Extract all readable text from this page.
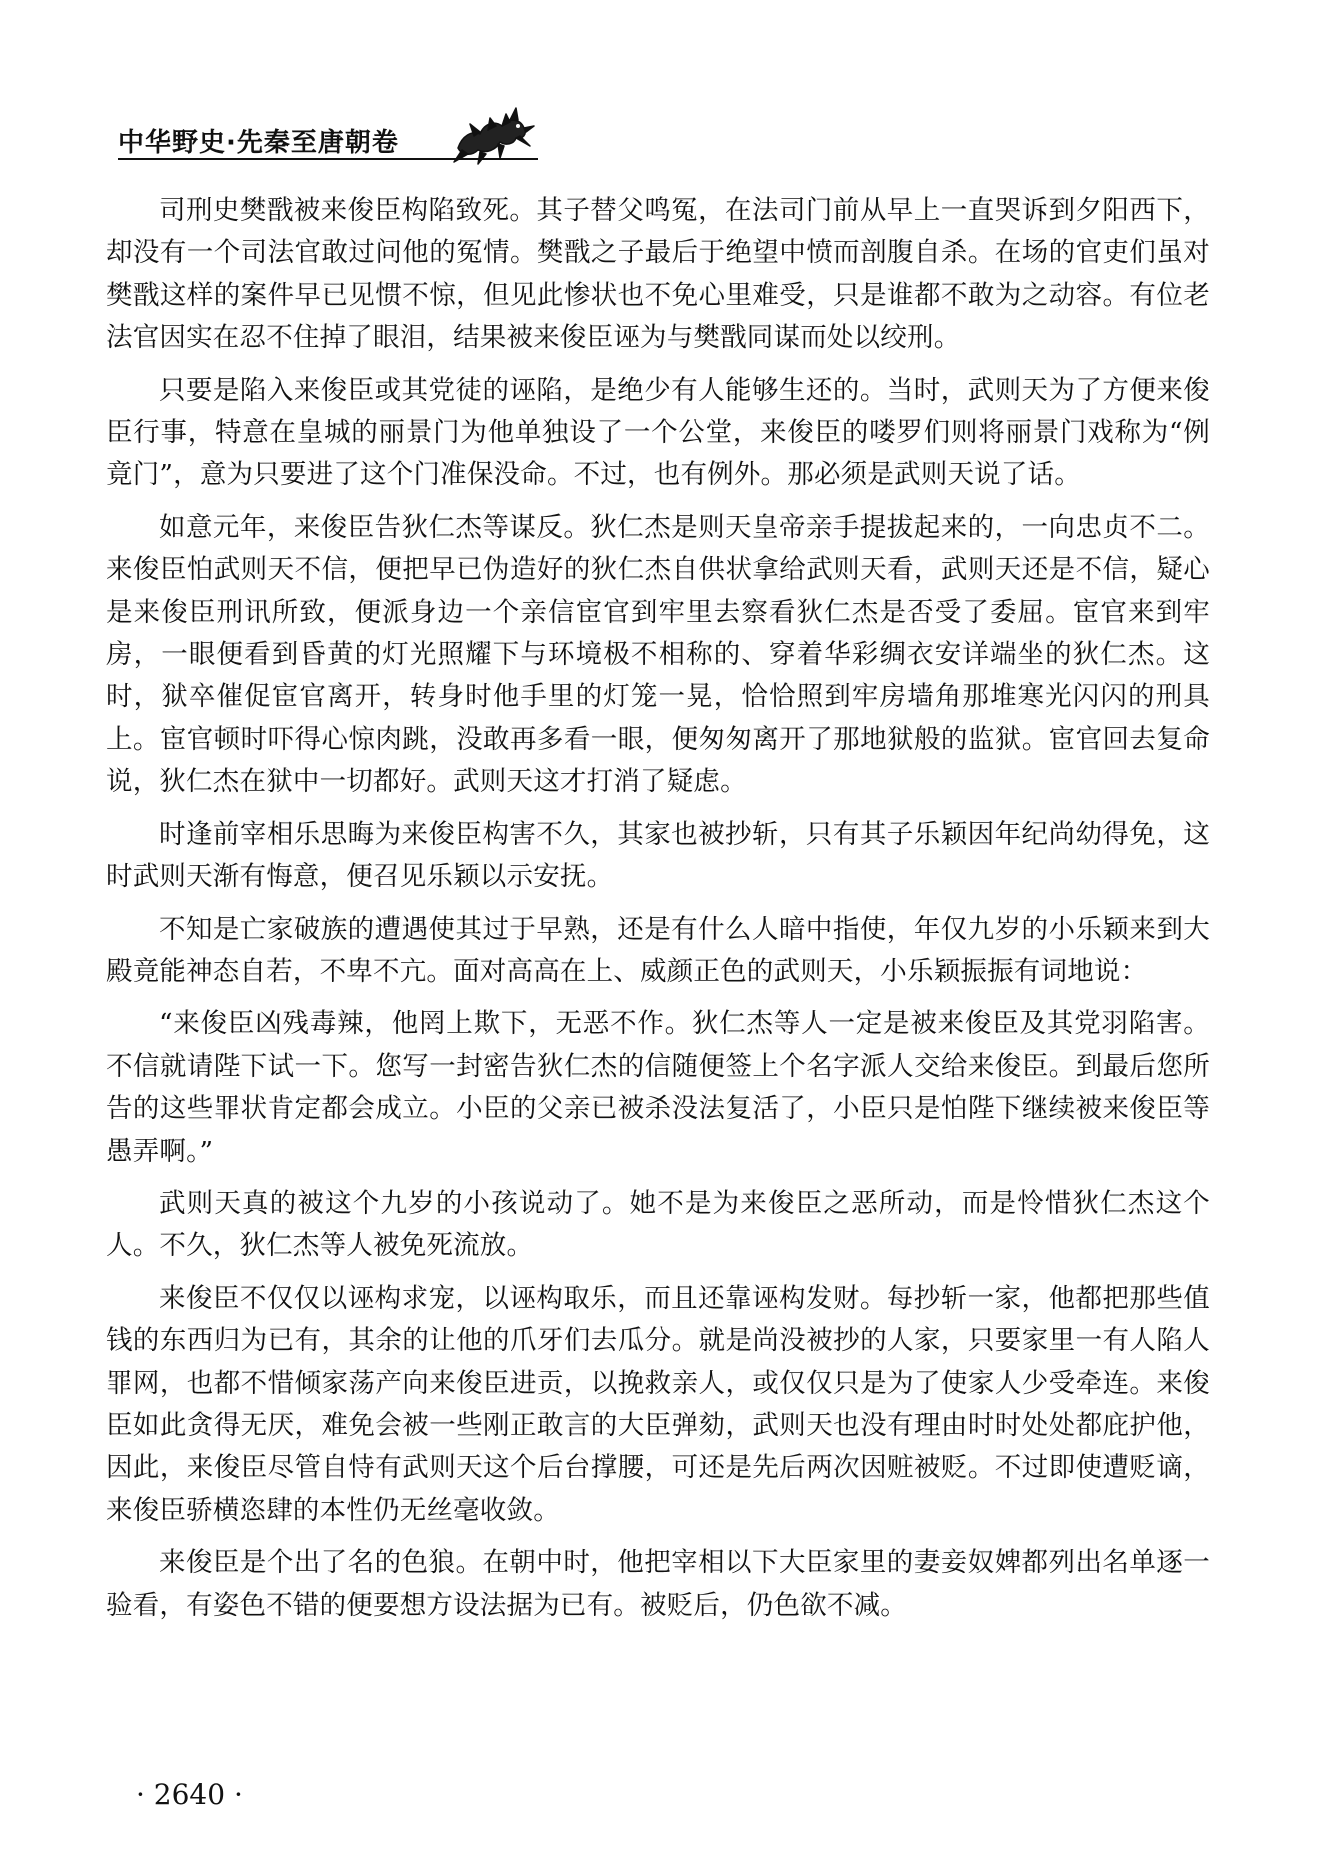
中华野史·先秦至唐朝卷

司刑史樊戬被来俊臣构陷致死。其子替父鸣冤，在法司门前从早上一直哭诉到夕阳西下，却没有一个司法官敢过问他的冤情。樊戬之子最后于绝望中愤而剖腹自杀。在场的官吏们虽对樊戬这样的案件早已见惯不惊，但见此惨状也不免心里难受，只是谁都不敢为之动容。有位老法官因实在忍不住掉了眼泪，结果被来俊臣诬为与樊戬同谋而处以绞刑。

只要是陷入来俊臣或其党徒的诬陷，是绝少有人能够生还的。当时，武则天为了方便来俊臣行事，特意在皇城的丽景门为他单独设了一个公堂，来俊臣的喽罗们则将丽景门戏称为“例竟门”，意为只要进了这个门准保没命。不过，也有例外。那必须是武则天说了话。

如意元年，来俊臣告狄仁杰等谋反。狄仁杰是则天皇帝亲手提拔起来的，一向忠贞不二。来俊臣怕武则天不信，便把早已伪造好的狄仁杰自供状拿给武则天看，武则天还是不信，疑心是来俊臣刑讯所致，便派身边一个亲信宦官到牢里去察看狄仁杰是否受了委屈。宦官来到牢房，一眼便看到昏黄的灯光照耀下与环境极不相称的、穿着华彩绸衣安详端坐的狄仁杰。这时，狱卒催促宦官离开，转身时他手里的灯笼一晃，恰恰照到牢房墙角那堆寒光闪闪的刑具上。宦官顿时吓得心惊肉跳，没敢再多看一眼，便匆匆离开了那地狱般的监狱。宦官回去复命说，狄仁杰在狱中一切都好。武则天这才打消了疑虑。

时逢前宰相乐思晦为来俊臣构害不久，其家也被抄斩，只有其子乐颖因年纪尚幼得免，这时武则天渐有悔意，便召见乐颖以示安抚。

不知是亡家破族的遭遇使其过于早熟，还是有什么人暗中指使，年仅九岁的小乐颖来到大殿竟能神态自若，不卑不亢。面对高高在上、威颜正色的武则天，小乐颖振振有词地说：

“来俊臣凶残毒辣，他罔上欺下，无恶不作。狄仁杰等人一定是被来俊臣及其党羽陷害。不信就请陛下试一下。您写一封密告狄仁杰的信随便签上个名字派人交给来俊臣。到最后您所告的这些罪状肯定都会成立。小臣的父亲已被杀没法复活了，小臣只是怕陛下继续被来俊臣等愚弄啊。”

武则天真的被这个九岁的小孩说动了。她不是为来俊臣之恶所动，而是怜惜狄仁杰这个人。不久，狄仁杰等人被免死流放。

来俊臣不仅仅以诬构求宠，以诬构取乐，而且还靠诬构发财。每抄斩一家，他都把那些值钱的东西归为已有，其余的让他的爪牙们去瓜分。就是尚没被抄的人家，只要家里一有人陷人罪网，也都不惜倾家荡产向来俊臣进贡，以挽救亲人，或仅仅只是为了使家人少受牵连。来俊臣如此贪得无厌，难免会被一些刚正敢言的大臣弹劾，武则天也没有理由时时处处都庇护他，因此，来俊臣尽管自恃有武则天这个后台撑腰，可还是先后两次因赃被贬。不过即使遭贬谪，来俊臣骄横恣肆的本性仍无丝毫收敛。

来俊臣是个出了名的色狼。在朝中时，他把宰相以下大臣家里的妻妾奴婢都列出名单逐一验看，有姿色不错的便要想方设法据为已有。被贬后，仍色欲不减。

· 2640 ·
